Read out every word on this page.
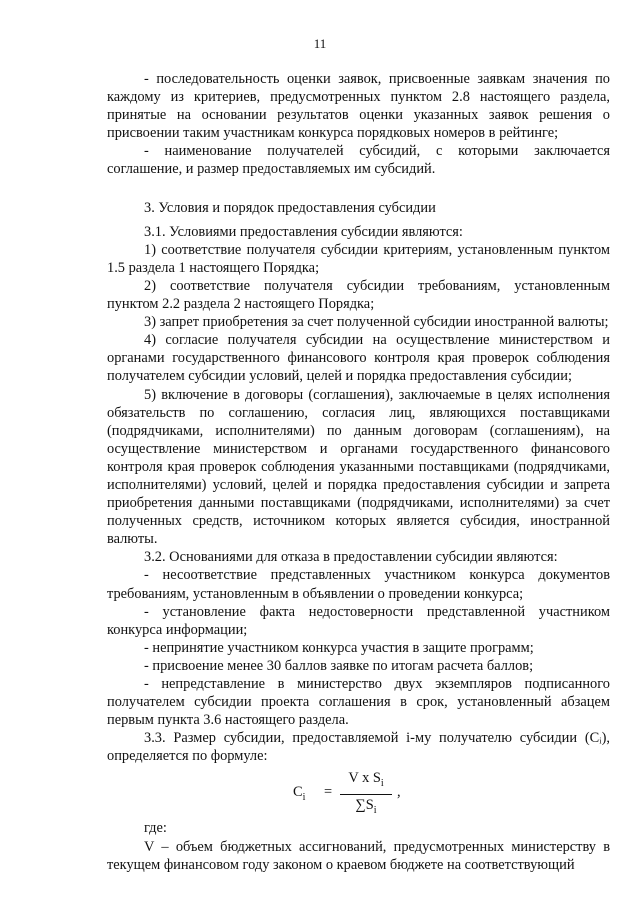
11

- последовательность оценки заявок, присвоенные заявкам значения по каждому из критериев, предусмотренных пунктом 2.8 настоящего раздела, принятые на основании результатов оценки указанных заявок решения о присвоении таким участникам конкурса порядковых номеров в рейтинге;

- наименование получателей субсидий, с которыми заключается соглашение, и размер предоставляемых им субсидий.

3. Условия и порядок предоставления субсидии

3.1. Условиями предоставления субсидии являются:

1) соответствие получателя субсидии критериям, установленным пунктом 1.5 раздела 1 настоящего Порядка;

2) соответствие получателя субсидии требованиям, установленным пунктом 2.2 раздела 2 настоящего Порядка;

3) запрет приобретения за счет полученной субсидии иностранной валюты;

4) согласие получателя субсидии на осуществление министерством и органами государственного финансового контроля края проверок соблюдения получателем субсидии условий, целей и порядка предоставления субсидии;

5) включение в договоры (соглашения), заключаемые в целях исполнения обязательств по соглашению, согласия лиц, являющихся поставщиками (подрядчиками, исполнителями) по данным договорам (соглашениям), на осуществление министерством и органами государственного финансового контроля края проверок соблюдения указанными поставщиками (подрядчиками, исполнителями) условий, целей и порядка предоставления субсидии и запрета приобретения данными поставщиками (подрядчиками, исполнителями) за счет полученных средств, источником которых является субсидия, иностранной валюты.

3.2. Основаниями для отказа в предоставлении субсидии являются:

- несоответствие представленных участником конкурса документов требованиям, установленным в объявлении о проведении конкурса;

- установление факта недостоверности представленной участником конкурса информации;

- непринятие участником конкурса участия в защите программ;

- присвоение менее 30 баллов заявке по итогам расчета баллов;

- непредставление в министерство двух экземпляров подписанного получателем субсидии проекта соглашения в срок, установленный абзацем первым пункта 3.6 настоящего раздела.

3.3. Размер субсидии, предоставляемой i-му получателю субсидии (Cᵢ), определяется по формуле:

$C_i = \frac{V x S_i}{\sum S_i}$ ,

где:

V – объем бюджетных ассигнований, предусмотренных министерству в текущем финансовом году законом о краевом бюджете на соответствующий
